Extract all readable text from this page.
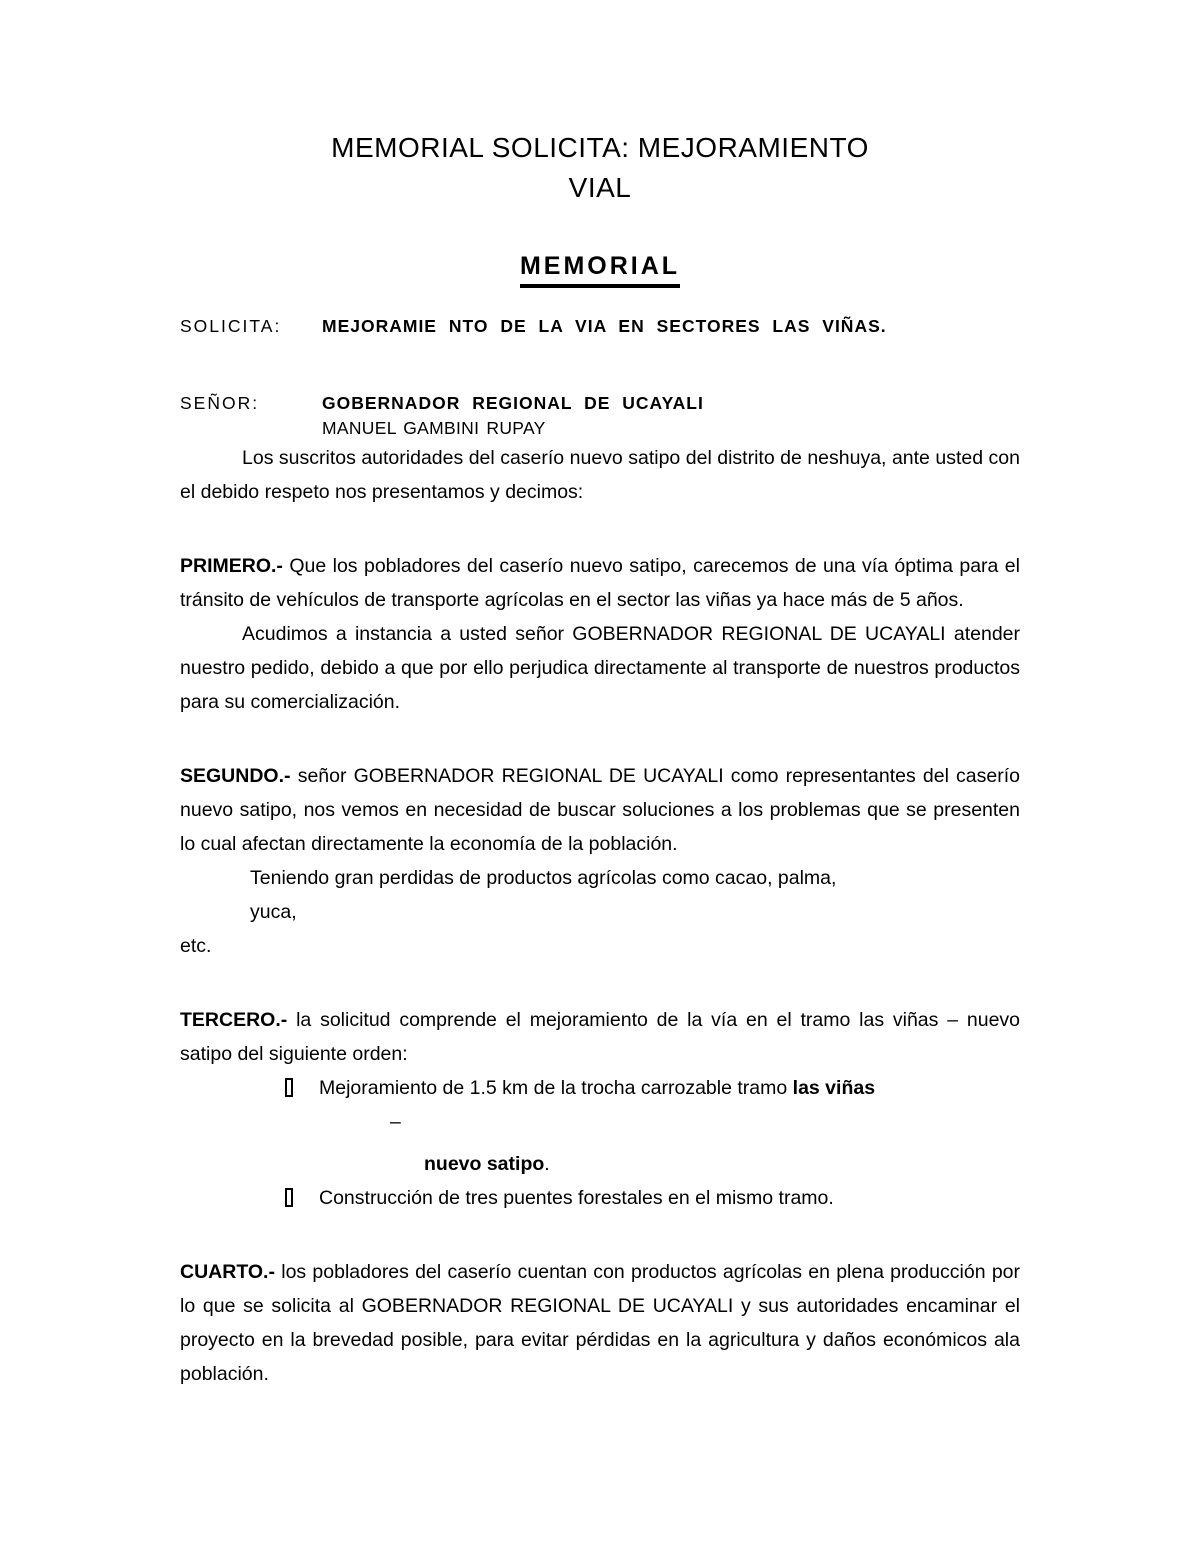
MEMORIAL SOLICITA: MEJORAMIENTO VIAL
MEMORIAL
SOLICITA:	MEJORAMIE NTO DE LA VIA EN SECTORES LAS VIÑAS.
SEÑOR:	GOBERNADOR REGIONAL DE UCAYALI
MANUEL GAMBINI RUPAY

Los suscritos autoridades del caserío nuevo satipo del distrito de neshuya, ante usted con el debido respeto nos presentamos y decimos:

PRIMERO.- Que los pobladores del caserío nuevo satipo, carecemos de una vía óptima para el tránsito de vehículos de transporte agrícolas en el sector las viñas ya hace más de 5 años.

Acudimos a instancia a usted señor GOBERNADOR REGIONAL DE UCAYALI atender nuestro pedido, debido a que por ello perjudica directamente al transporte de nuestros productos para su comercialización.

SEGUNDO.- señor GOBERNADOR REGIONAL DE UCAYALI como representantes del caserío nuevo satipo, nos vemos en necesidad de buscar soluciones a los problemas que se presenten lo cual afectan directamente la economía de la población.

Teniendo gran perdidas de productos agrícolas como cacao, palma,

yuca,

etc.

TERCERO.- la solicitud comprende el mejoramiento de la vía en el tramo las viñas – nuevo satipo del siguiente orden:

Mejoramiento de 1.5 km de la trocha carrozable tramo las viñas

–

nuevo satipo.

Construcción de tres puentes forestales en el mismo tramo.

CUARTO.- los pobladores del caserío cuentan con productos agrícolas en plena producción por lo que se solicita al GOBERNADOR REGIONAL DE UCAYALI y sus autoridades encaminar el proyecto en la brevedad posible, para evitar pérdidas en la agricultura y daños económicos ala población.
